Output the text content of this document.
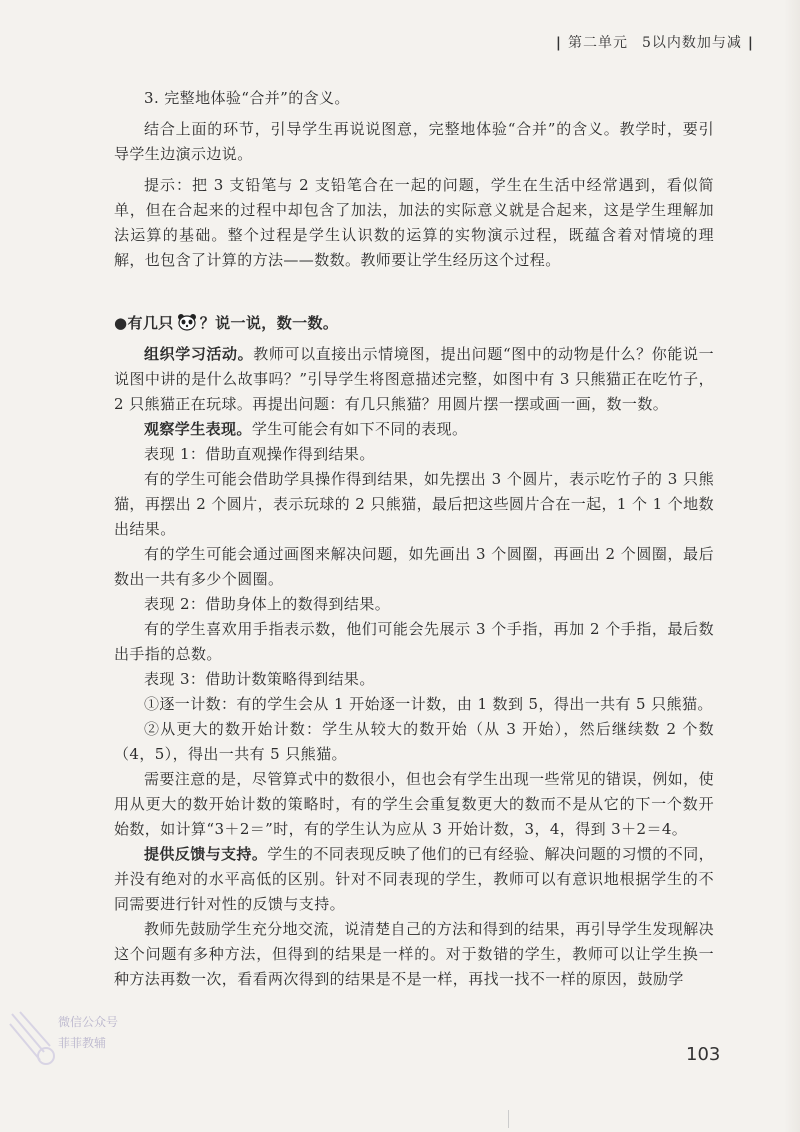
| 第二单元 5以内数加与减 |

3. 完整地体验“合并”的含义。

结合上面的环节，引导学生再说说图意，完整地体验“合并”的含义。教学时，要引导学生边演示边说。

提示：把 3 支铅笔与 2 支铅笔合在一起的问题，学生在生活中经常遇到，看似简单，但在合起来的过程中却包含了加法，加法的实际意义就是合起来，这是学生理解加法运算的基础。整个过程是学生认识数的运算的实物演示过程，既蕴含着对情境的理解，也包含了计算的方法——数数。教师要让学生经历这个过程。

●有几只 ？说一说，数一数。

组织学习活动。教师可以直接出示情境图，提出问题“图中的动物是什么？你能说一说图中讲的是什么故事吗？”引导学生将图意描述完整，如图中有 3 只熊猫正在吃竹子，2 只熊猫正在玩球。再提出问题：有几只熊猫？用圆片摆一摆或画一画，数一数。

观察学生表现。学生可能会有如下不同的表现。

表现 1：借助直观操作得到结果。

有的学生可能会借助学具操作得到结果，如先摆出 3 个圆片，表示吃竹子的 3 只熊猫，再摆出 2 个圆片，表示玩球的 2 只熊猫，最后把这些圆片合在一起，1 个 1 个地数出结果。

有的学生可能会通过画图来解决问题，如先画出 3 个圆圈，再画出 2 个圆圈，最后数出一共有多少个圆圈。

表现 2：借助身体上的数得到结果。

有的学生喜欢用手指表示数，他们可能会先展示 3 个手指，再加 2 个手指，最后数出手指的总数。

表现 3：借助计数策略得到结果。

①逐一计数：有的学生会从 1 开始逐一计数，由 1 数到 5，得出一共有 5 只熊猫。

②从更大的数开始计数：学生从较大的数开始（从 3 开始），然后继续数 2 个数（4，5），得出一共有 5 只熊猫。

需要注意的是，尽管算式中的数很小，但也会有学生出现一些常见的错误，例如，使用从更大的数开始计数的策略时，有的学生会重复数更大的数而不是从它的下一个数开始数，如计算“3＋2＝”时，有的学生认为应从 3 开始计数，3，4，得到 3＋2＝4。

提供反馈与支持。学生的不同表现反映了他们的已有经验、解决问题的习惯的不同，并没有绝对的水平高低的区别。针对不同表现的学生，教师可以有意识地根据学生的不同需要进行针对性的反馈与支持。

教师先鼓励学生充分地交流，说清楚自己的方法和得到的结果，再引导学生发现解决这个问题有多种方法，但得到的结果是一样的。对于数错的学生，教师可以让学生换一种方法再数一次，看看两次得到的结果是不是一样，再找一找不一样的原因，鼓励学

微信公众号
菲菲教辅
103
